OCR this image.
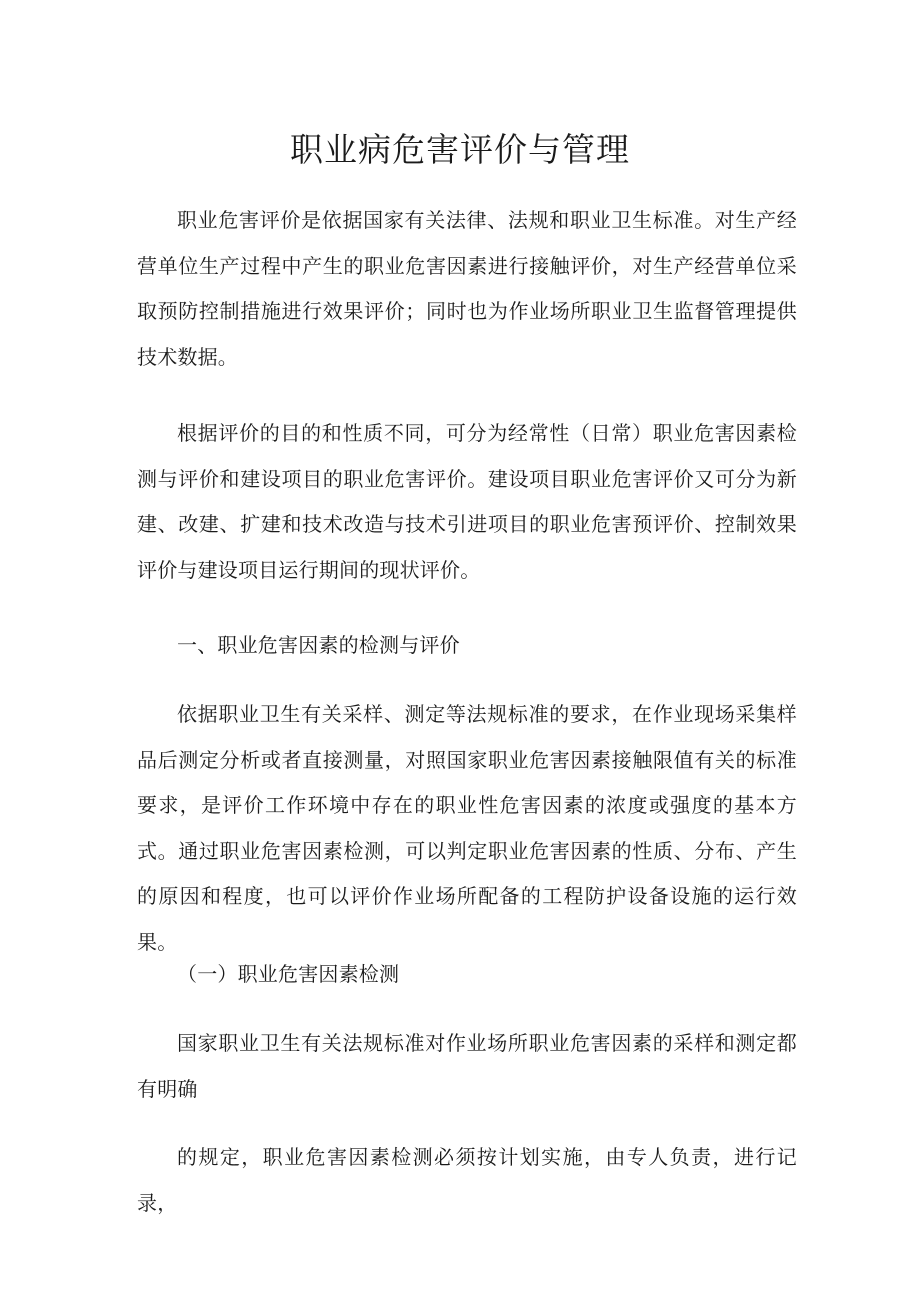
职业病危害评价与管理

职业危害评价是依据国家有关法律、法规和职业卫生标准。对生产经营单位生产过程中产生的职业危害因素进行接触评价，对生产经营单位采取预防控制措施进行效果评价；同时也为作业场所职业卫生监督管理提供技术数据。

根据评价的目的和性质不同，可分为经常性（日常）职业危害因素检测与评价和建设项目的职业危害评价。建设项目职业危害评价又可分为新建、改建、扩建和技术改造与技术引进项目的职业危害预评价、控制效果评价与建设项目运行期间的现状评价。

一、职业危害因素的检测与评价

依据职业卫生有关采样、测定等法规标准的要求，在作业现场采集样品后测定分析或者直接测量，对照国家职业危害因素接触限值有关的标准要求，是评价工作环境中存在的职业性危害因素的浓度或强度的基本方式。通过职业危害因素检测，可以判定职业危害因素的性质、分布、产生的原因和程度，也可以评价作业场所配备的工程防护设备设施的运行效果。

（一）职业危害因素检测

国家职业卫生有关法规标准对作业场所职业危害因素的采样和测定都有明确

的规定，职业危害因素检测必须按计划实施，由专人负责，进行记录，
